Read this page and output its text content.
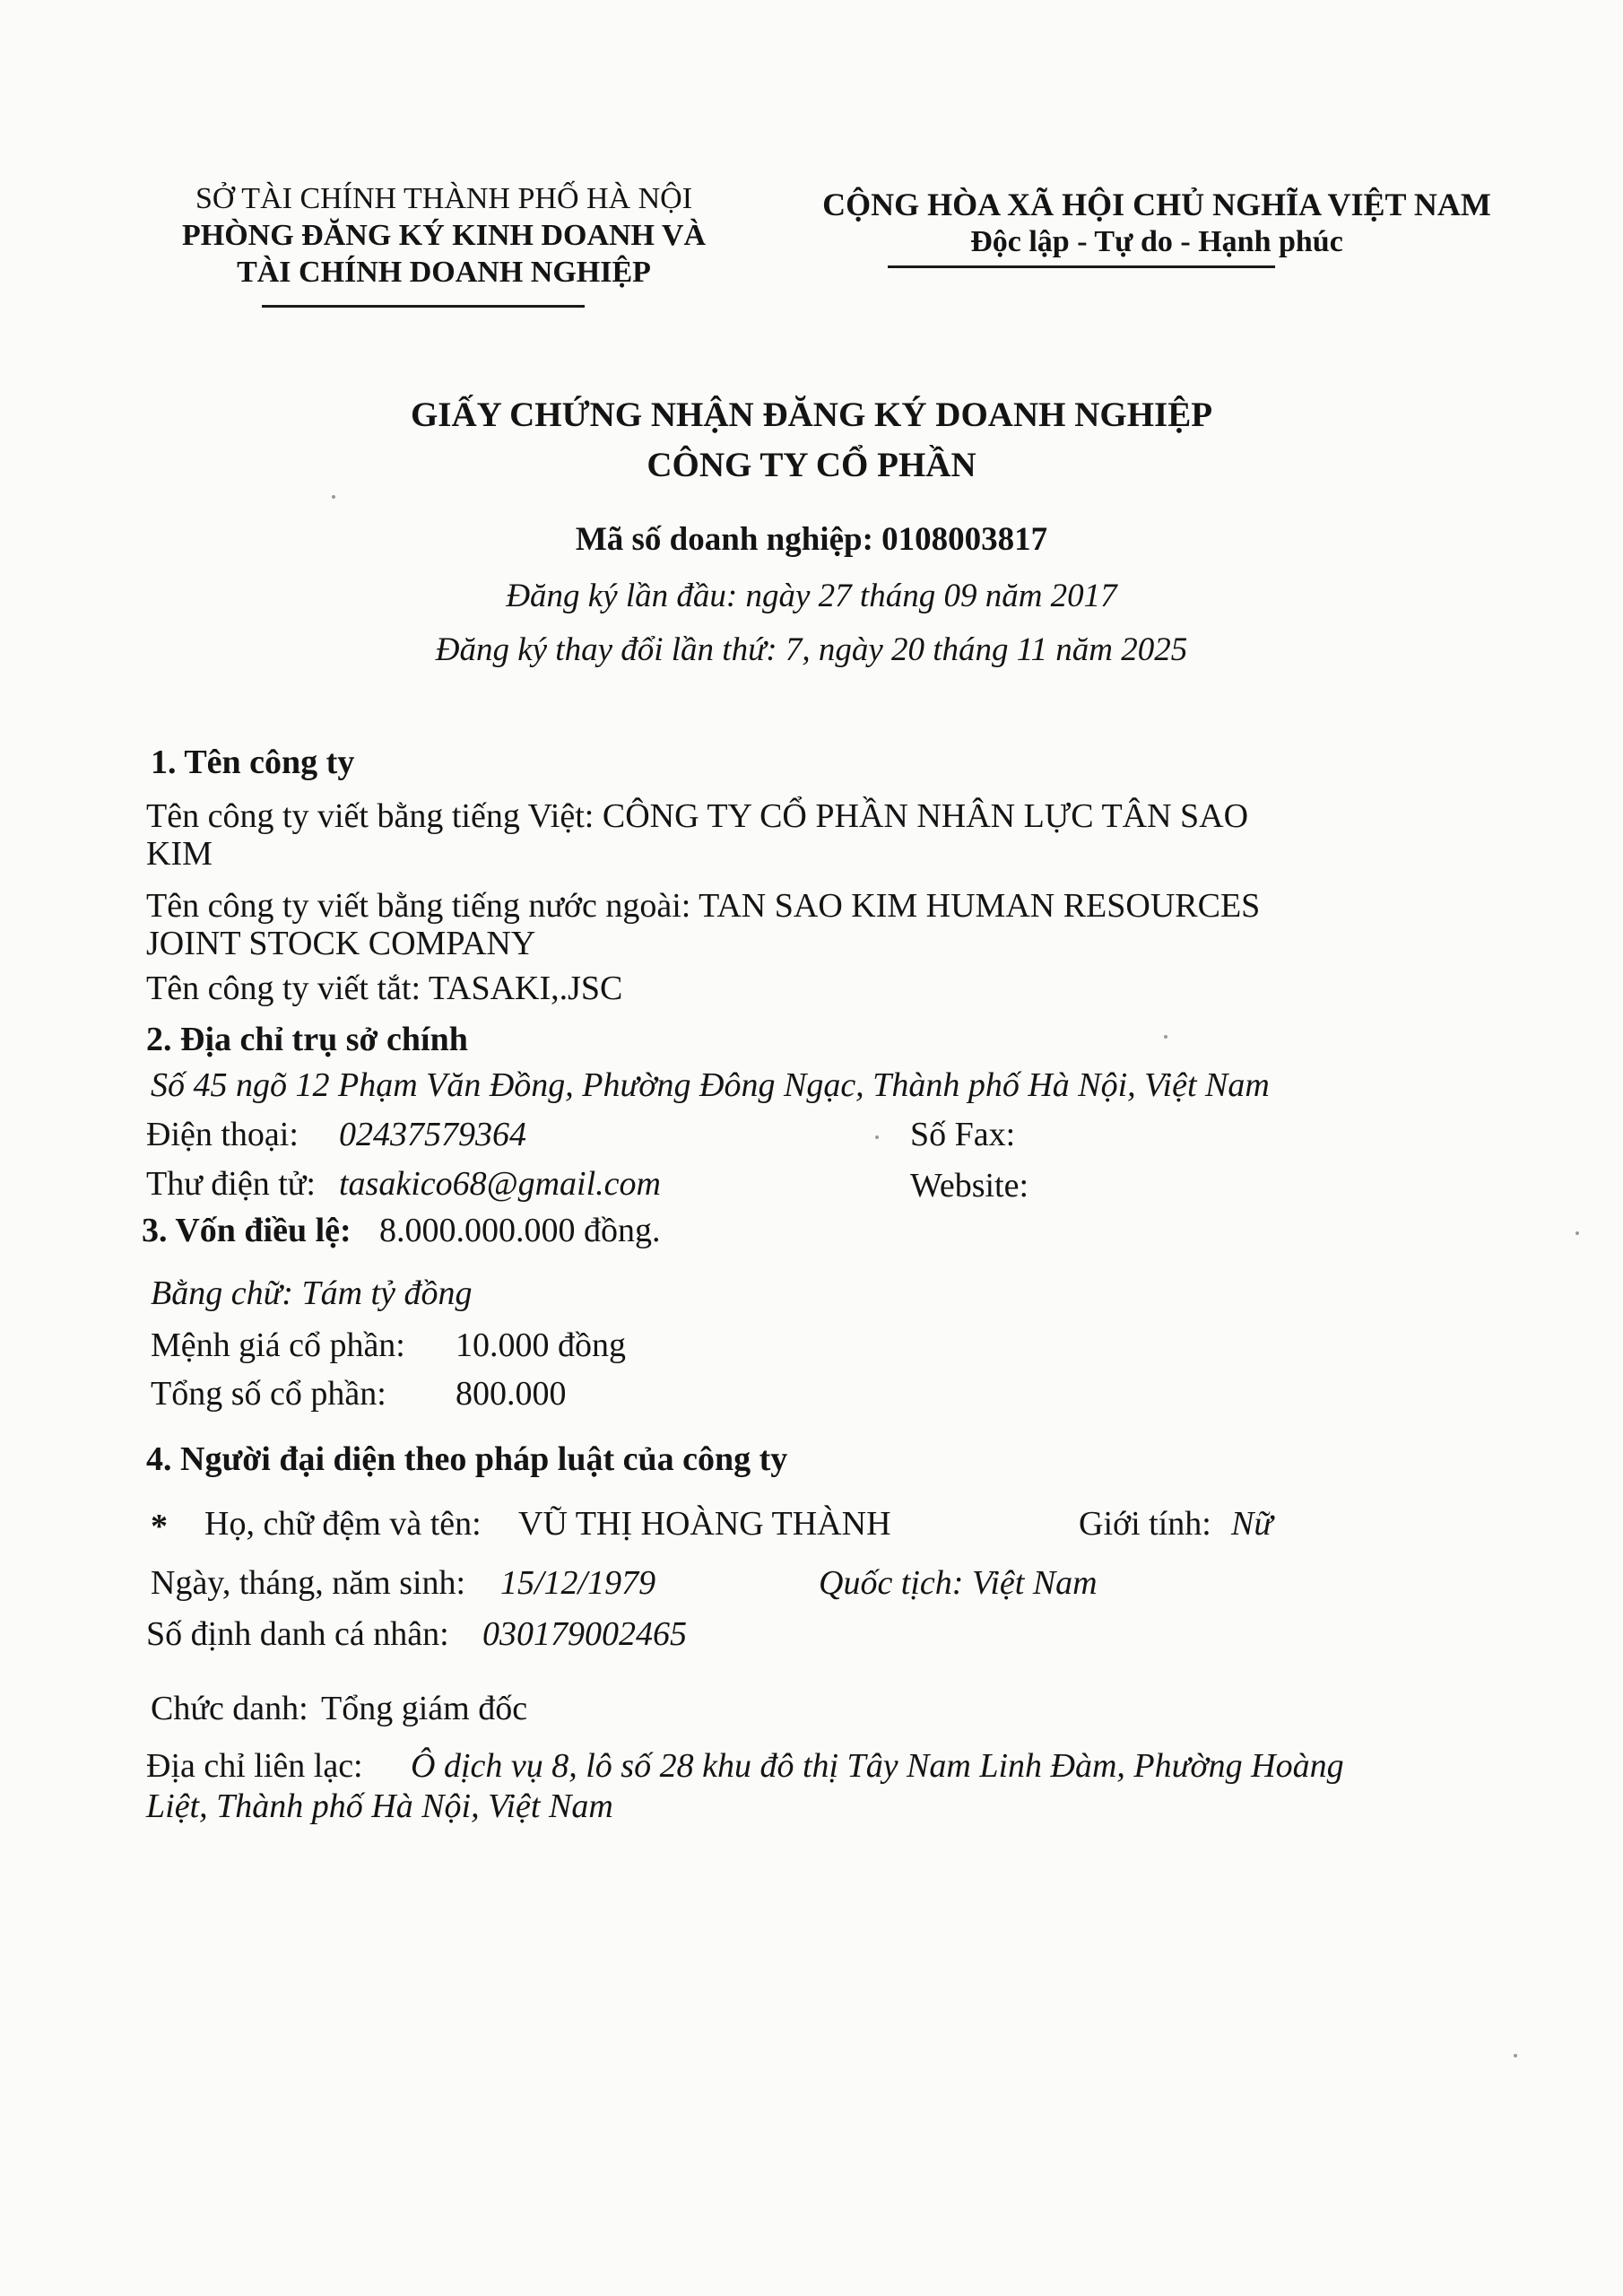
SỞ TÀI CHÍNH THÀNH PHỐ HÀ NỘI
PHÒNG ĐĂNG KÝ KINH DOANH VÀ
TÀI CHÍNH DOANH NGHIỆP
CỘNG HÒA XÃ HỘI CHỦ NGHĨA VIỆT NAM
Độc lập - Tự do - Hạnh phúc
GIẤY CHỨNG NHẬN ĐĂNG KÝ DOANH NGHIỆP
CÔNG TY CỔ PHẦN
Mã số doanh nghiệp: 0108003817
Đăng ký lần đầu: ngày 27 tháng 09 năm 2017
Đăng ký thay đổi lần thứ: 7, ngày 20 tháng 11 năm 2025
1. Tên công ty
Tên công ty viết bằng tiếng Việt: CÔNG TY CỔ PHẦN NHÂN LỰC TÂN SAO
KIM
Tên công ty viết bằng tiếng nước ngoài: TAN SAO KIM HUMAN RESOURCES
JOINT STOCK COMPANY
Tên công ty viết tắt: TASAKI,.JSC
2. Địa chỉ trụ sở chính
Số 45 ngõ 12 Phạm Văn Đồng, Phường Đông Ngạc, Thành phố Hà Nội, Việt Nam
Điện thoại: 02437579364	Số Fax:
Thư điện tử: tasakico68@gmail.com	Website:
3. Vốn điều lệ: 8.000.000.000 đồng.
Bằng chữ: Tám tỷ đồng
Mệnh giá cổ phần: 10.000 đồng
Tổng số cổ phần: 800.000
4. Người đại diện theo pháp luật của công ty
* Họ, chữ đệm và tên: VŨ THỊ HOÀNG THÀNH	Giới tính: Nữ
Ngày, tháng, năm sinh: 15/12/1979	Quốc tịch: Việt Nam
Số định danh cá nhân: 030179002465
Chức danh: Tổng giám đốc
Địa chỉ liên lạc: Ô dịch vụ 8, lô số 28 khu đô thị Tây Nam Linh Đàm, Phường Hoàng
Liệt, Thành phố Hà Nội, Việt Nam
